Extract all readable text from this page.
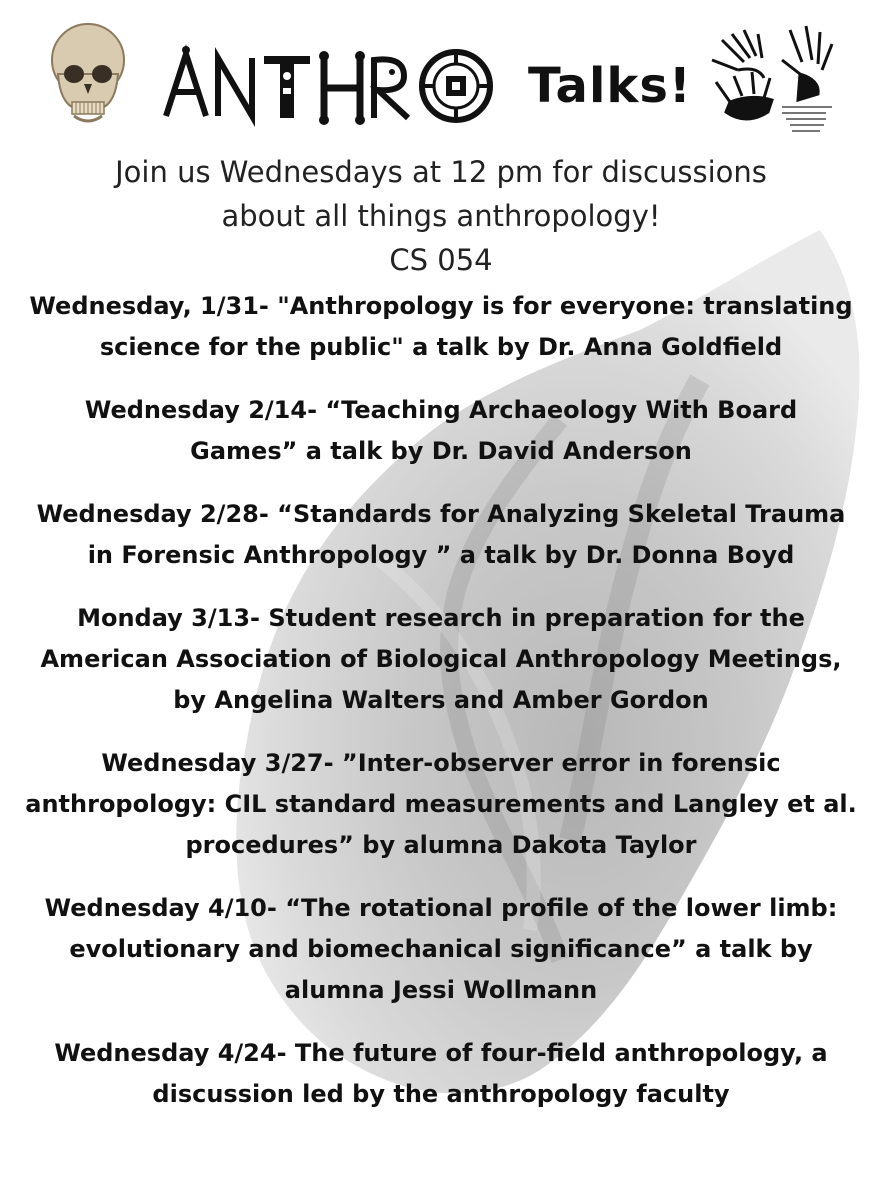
ANTHRO
Talks!
Join us Wednesdays at 12 pm for discussions
about all things anthropology!
CS 054
Wednesday, 1/31- "Anthropology is for everyone: translating
science for the public" a talk by Dr. Anna Goldfield
Wednesday 2/14- “Teaching Archaeology With Board
Games” a talk by Dr. David Anderson
Wednesday 2/28- “Standards for Analyzing Skeletal Trauma
in Forensic Anthropology ” a talk by Dr. Donna Boyd
Monday 3/13- Student research in preparation for the
American Association of Biological Anthropology Meetings,
by Angelina Walters and Amber Gordon
Wednesday 3/27- ”Inter-observer error in forensic
anthropology: CIL standard measurements and Langley et al.
procedures” by alumna Dakota Taylor
Wednesday 4/10- “The rotational profile of the lower limb:
evolutionary and biomechanical significance” a talk by
alumna Jessi Wollmann
Wednesday 4/24- The future of four-field anthropology, a
discussion led by the anthropology faculty
